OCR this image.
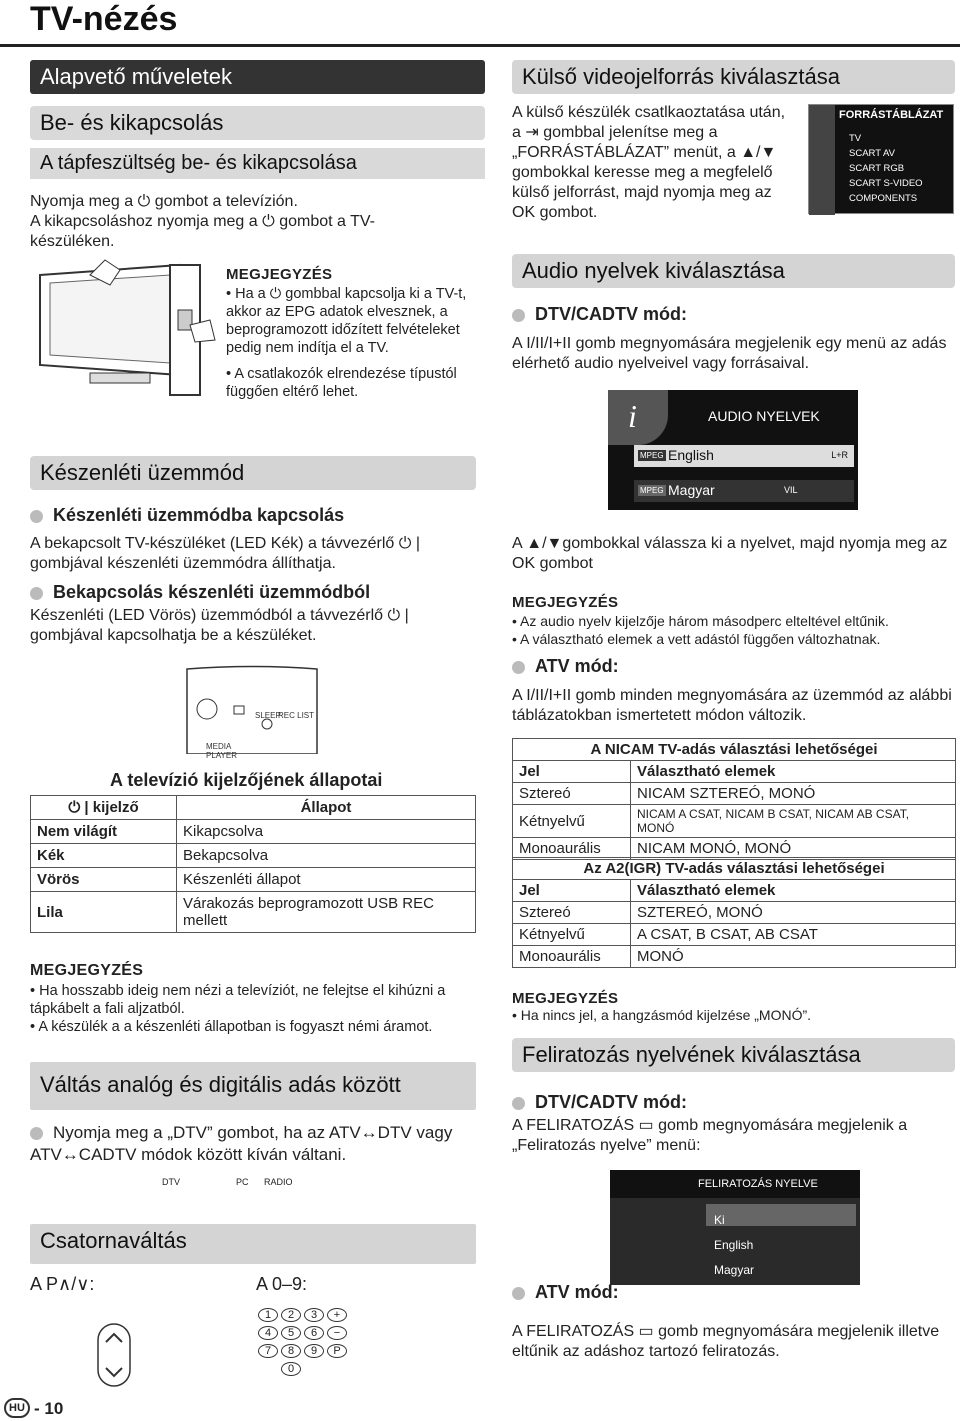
TV-nézés
Alapvető műveletek
Be- és kikapcsolás
A tápfeszültség be- és kikapcsolása
Nyomja meg a ⏻ gombot a televízión.
A kikapcsoláshoz nyomja meg a ⏻ gombot a TV-készüléken.
MEGJEGYZÉS
• Ha a ⏻ gombbal kapcsolja ki a TV-t, akkor az EPG adatok elvesznek, a beprogramozott időzített felvételeket pedig nem indítja el a TV.
• A csatlakozók elrendezése típustól függően eltérő lehet.
Külső videojelforrás kiválasztása
A külső készülék csatlkaoztatása után, a ⇥ gombbal jelenítse meg a „FORRÁSTÁBLÁZAT” menüt, a ▲/▼ gombokkal keresse meg a megfelelő külső jelforrást, majd nyomja meg az OK gombot.
FORRÁSTÁBLÁZAT
TV
SCART AV
SCART RGB
SCART S-VIDEO
COMPONENTS
Audio nyelvek kiválasztása
DTV/CADTV mód:
A I/II/I+II gomb megnyomására megjelenik egy menü az adás elérhető audio nyelveivel vagy forrásaival.
i	AUDIO NYELVEK
MPEG English	L+R
MPEG Magyar	VIL
A ▲/▼gombokkal válassza ki a nyelvet, majd nyomja meg az OK gombot
MEGJEGYZÉS
• Az audio nyelv kijelzője három másodperc elteltével eltűnik.
• A választható elemek a vett adástól függően változhatnak.
ATV mód:
A I/II/I+II gomb minden megnyomására az üzemmód az alábbi táblázatokban ismertetett módon változik.
A NICAM TV-adás választási lehetőségei	
Jel	Választható elemek
Sztereó	NICAM SZTEREÓ, MONÓ
Kétnyelvű	NICAM A CSAT, NICAM B CSAT, NICAM AB CSAT, MONÓ
Monoaurális	NICAM MONÓ, MONÓ
Az A2(IGR) TV-adás választási lehetőségei	
Jel	Választható elemek
Sztereó	SZTEREÓ, MONÓ
Kétnyelvű	A CSAT, B CSAT, AB CSAT
Monoaurális	MONÓ
MEGJEGYZÉS
• Ha nincs jel, a hangzásmód kijelzése „MONÓ”.
Feliratozás nyelvének kiválasztása
DTV/CADTV mód:
A FELIRATOZÁS ▭ gomb megnyomására megjelenik a „Feliratozás nyelve” menü:
FELIRATOZÁS NYELVE
Ki
English
Magyar
ATV mód:
A FELIRATOZÁS ▭ gomb megnyomására megjelenik illetve eltűnik az adáshoz tartozó feliratozás.
Készenléti üzemmód
Készenléti üzemmódba kapcsolás
A bekapcsolt TV-készüléket (LED Kék) a távvezérlő ⏻ | gombjával készenléti üzemmódra állíthatja.
Bekapcsolás készenléti üzemmódból
Készenléti (LED Vörös) üzemmódból a távvezérlő ⏻ | gombjával kapcsolhatja be a készüléket.
SLEEP
REC LIST
MEDIA PLAYER
A televízió kijelzőjének állapotai
⏻ | kijelző	Állapot
Nem világít	Kikapcsolva
Kék	Bekapcsolva
Vörös	Készenléti állapot
Lila	Várakozás beprogramozott USB REC mellett
MEGJEGYZÉS
• Ha hosszabb ideig nem nézi a televíziót, ne felejtse el kihúzni a tápkábelt a fali aljzatból.
• A készülék a a készenléti állapotban is fogyaszt némi áramot.
Váltás analóg és digitális adás között
Nyomja meg a „DTV” gombot, ha az ATV↔DTV vagy ATV↔CADTV módok között kíván váltani.
DTV	PC RADIO
Csatornaváltás
A P∧/∨:	A 0–9:
1	2	3	+
4	5	6	−
7	8	9	P
0
HU - 10
